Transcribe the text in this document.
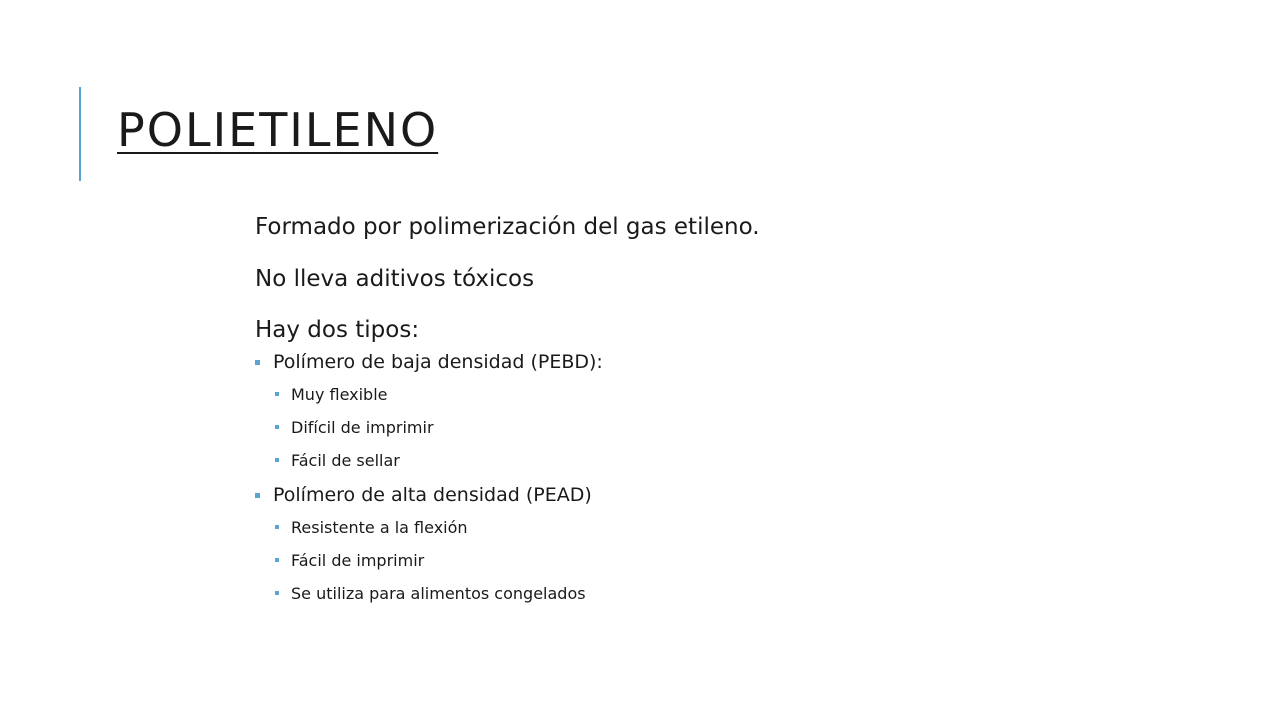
POLIETILENO

Formado por polimerización del gas etileno.

No lleva aditivos tóxicos

Hay dos tipos:

Polímero de baja densidad (PEBD):
Muy flexible
Difícil de imprimir
Fácil de sellar
Polímero de alta densidad (PEAD)
Resistente a la flexión
Fácil de imprimir
Se utiliza para alimentos congelados
